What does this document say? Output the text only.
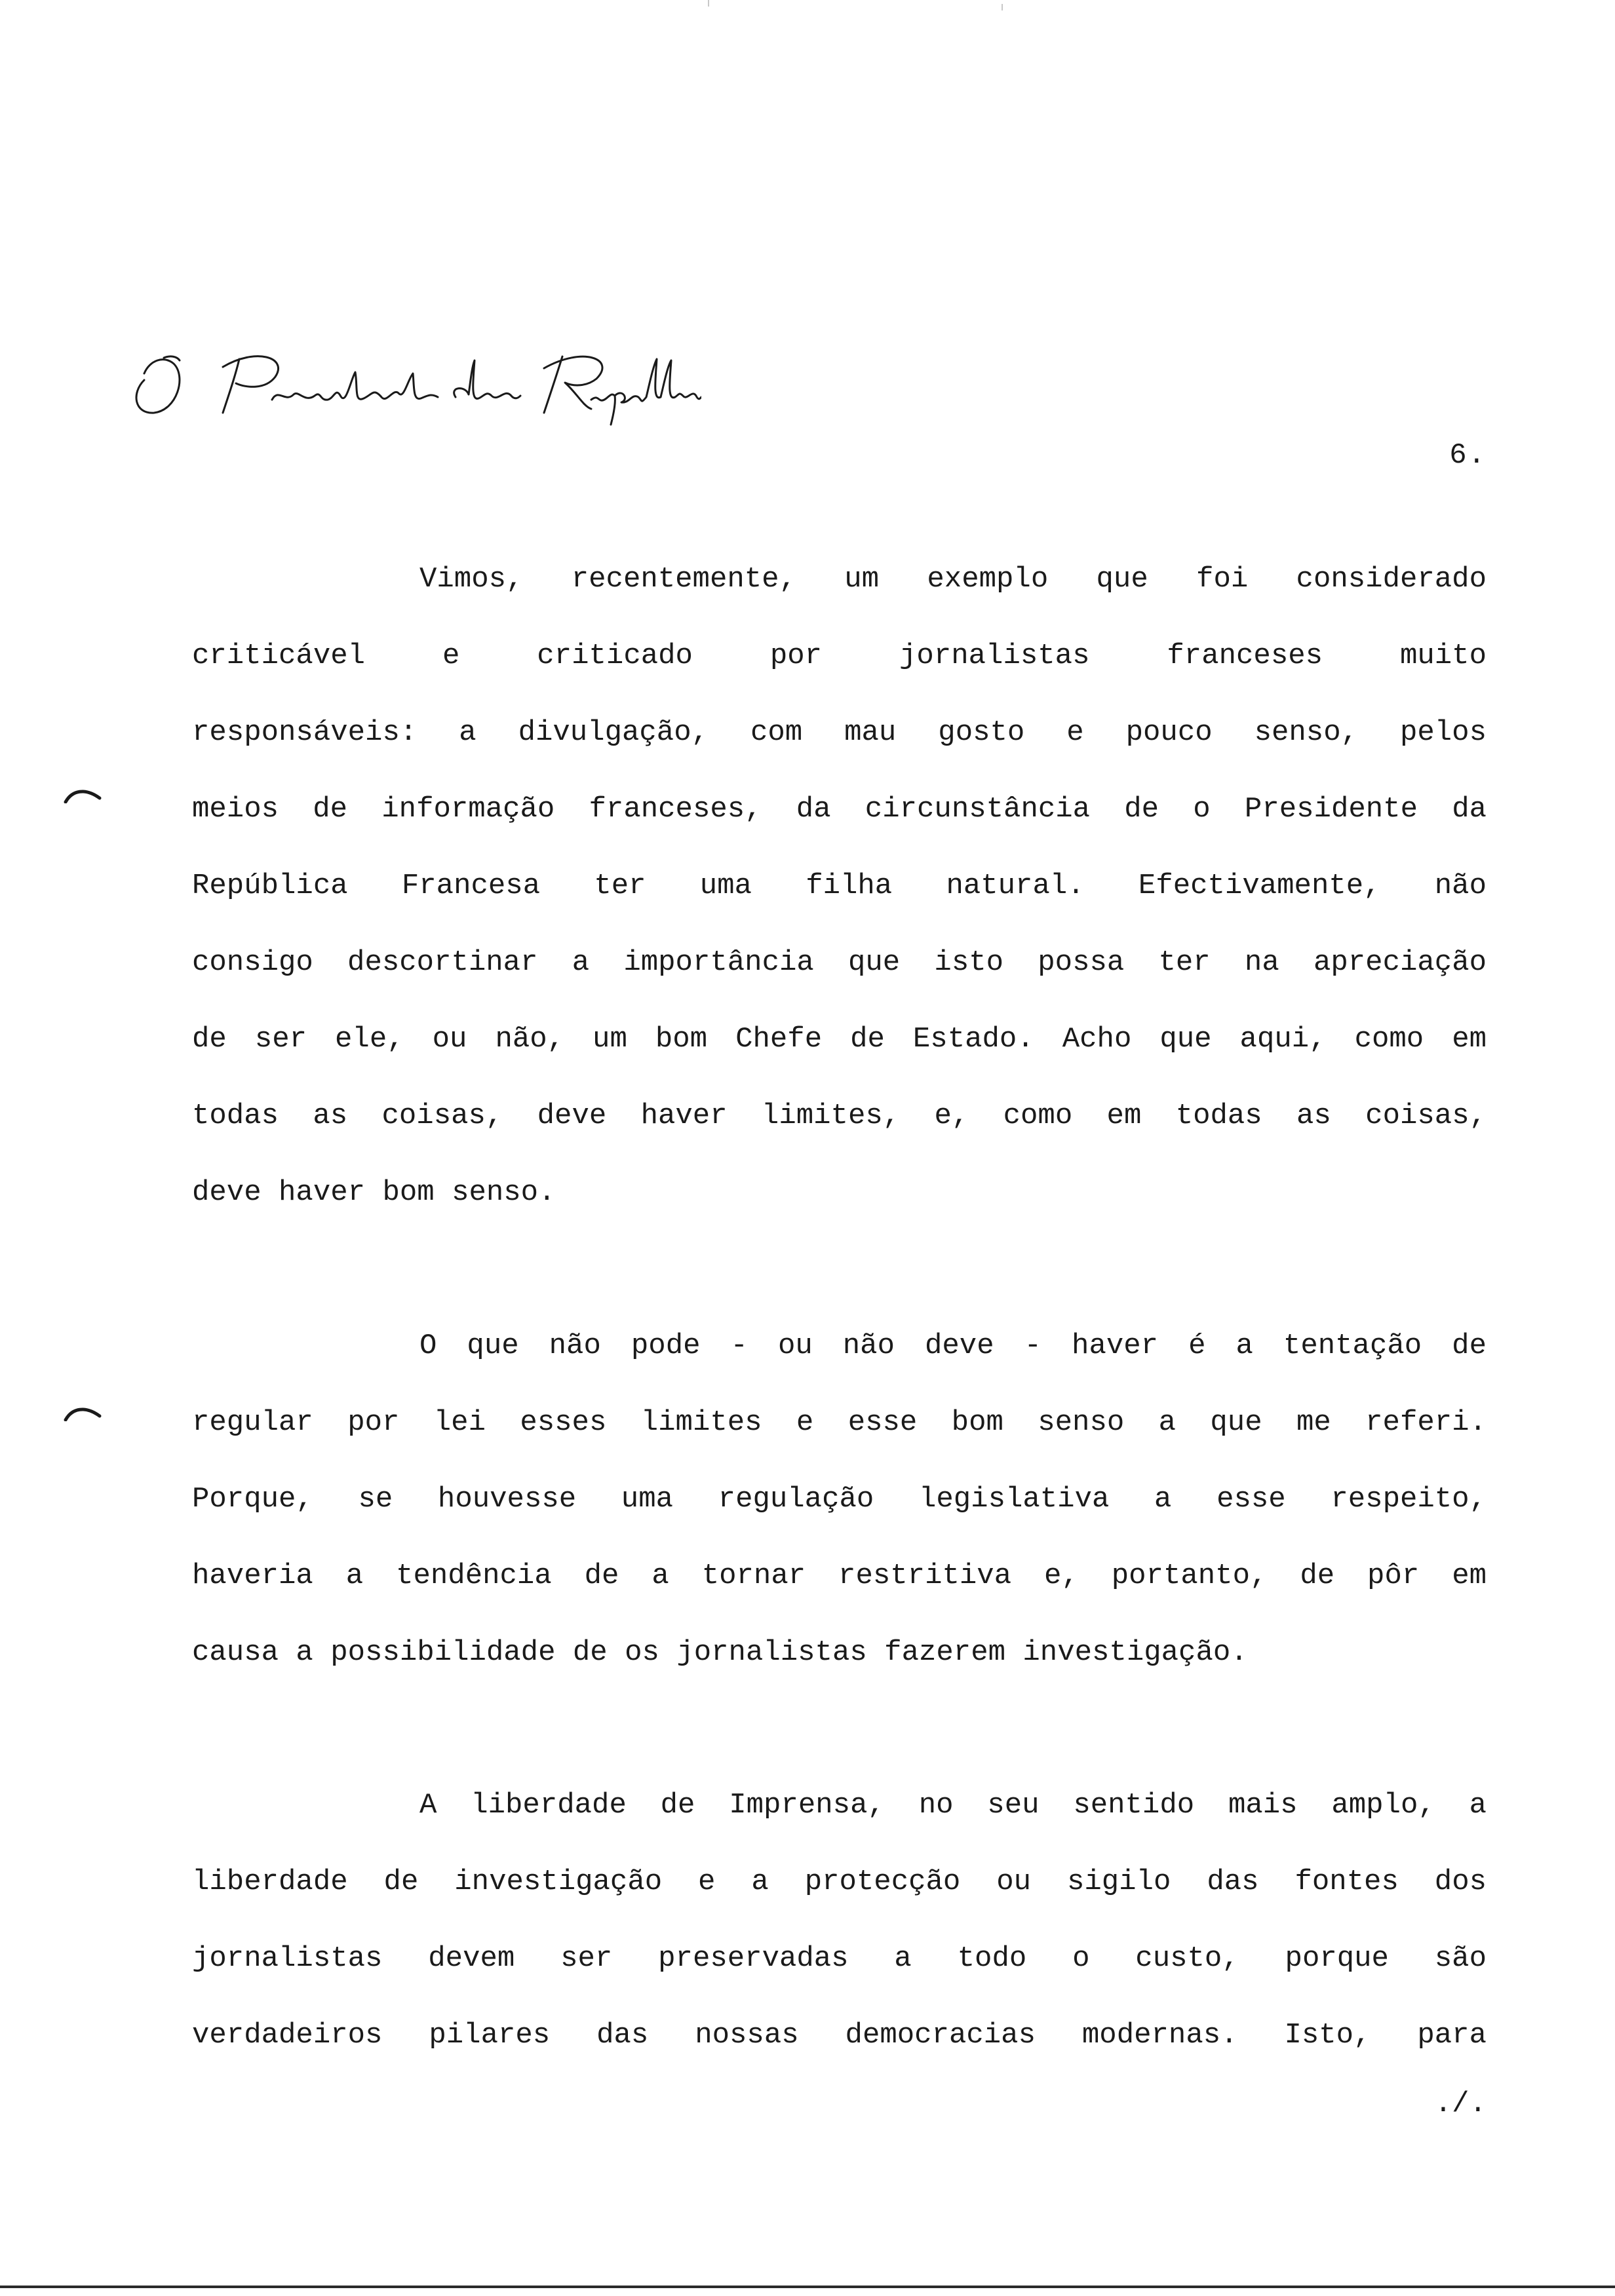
6.
Vimos, recentemente, um exemplo que foi considerado
criticável e criticado por jornalistas franceses muito
responsáveis: a divulgação, com mau gosto e pouco senso, pelos
meios de informação franceses, da circunstância de o Presidente da
República Francesa ter uma filha natural. Efectivamente, não
consigo descortinar a importância que isto possa ter na apreciação
de ser ele, ou não, um bom Chefe de Estado. Acho que aqui, como em
todas as coisas, deve haver limites, e, como em todas as coisas,
deve haver bom senso.
O que não pode - ou não deve - haver é a tentação de
regular por lei esses limites e esse bom senso a que me referi.
Porque, se houvesse uma regulação legislativa a esse respeito,
haveria a tendência de a tornar restritiva e, portanto, de pôr em
causa a possibilidade de os jornalistas fazerem investigação.
A liberdade de Imprensa, no seu sentido mais amplo, a
liberdade de investigação e a protecção ou sigilo das fontes dos
jornalistas devem ser preservadas a todo o custo, porque são
verdadeiros pilares das nossas democracias modernas. Isto, para
./.
